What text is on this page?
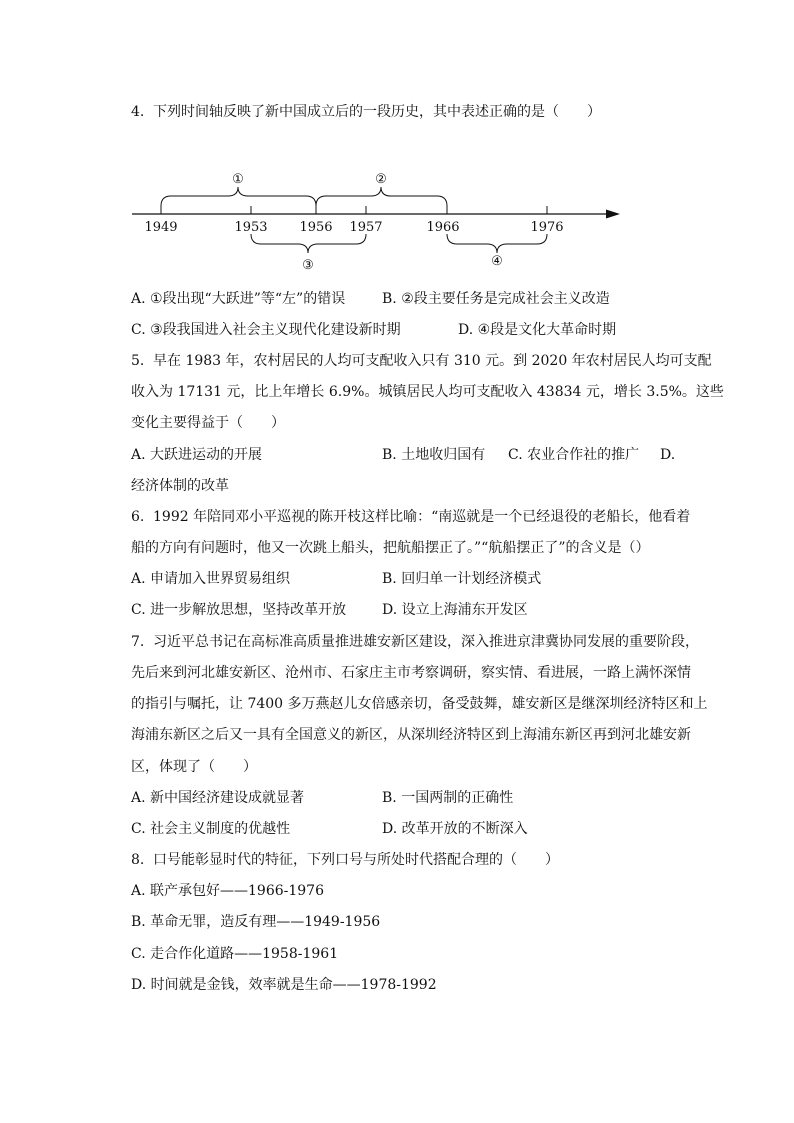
4. 下列时间轴反映了新中国成立后的一段历史，其中表述正确的是（　　）
1949	1953 1956 1957	1966	1976
①	②
③	④
A. ①段出现“大跃进”等“左”的错误	B. ②段主要任务是完成社会主义改造
C. ③段我国进入社会主义现代化建设新时期	D. ④段是文化大革命时期
5. 早在 1983 年，农村居民的人均可支配收入只有 310 元。到 2020 年农村居民人均可支配
收入为 17131 元，比上年增长 6.9%。城镇居民人均可支配收入 43834 元，增长 3.5%。这些
变化主要得益于（　　）
A. 大跃进运动的开展	B. 土地收归国有 C. 农业合作社的推广 D.
经济体制的改革
6. 1992 年陪同邓小平巡视的陈开枝这样比喻：“南巡就是一个已经退役的老船长，他看着
船的方向有问题时，他又一次跳上船头，把航船摆正了。”“航船摆正了”的含义是（）
A. 申请加入世界贸易组织	B. 回归单一计划经济模式
C. 进一步解放思想，坚持改革开放	D. 设立上海浦东开发区
7. 习近平总书记在高标准高质量推进雄安新区建设，深入推进京津冀协同发展的重要阶段，
先后来到河北雄安新区、沧州市、石家庄主市考察调研，察实情、看进展，一路上满怀深情
的指引与嘱托，让 7400 多万燕赵儿女倍感亲切，备受鼓舞，雄安新区是继深圳经济特区和上
海浦东新区之后又一具有全国意义的新区，从深圳经济特区到上海浦东新区再到河北雄安新
区，体现了（　　）
A. 新中国经济建设成就显著	B. 一国两制的正确性
C. 社会主义制度的优越性	D. 改革开放的不断深入
8. 口号能彰显时代的特征，下列口号与所处时代搭配合理的（　　）
A. 联产承包好——1966-1976
B. 革命无罪，造反有理——1949-1956
C. 走合作化道路——1958-1961
D. 时间就是金钱，效率就是生命——1978-1992
